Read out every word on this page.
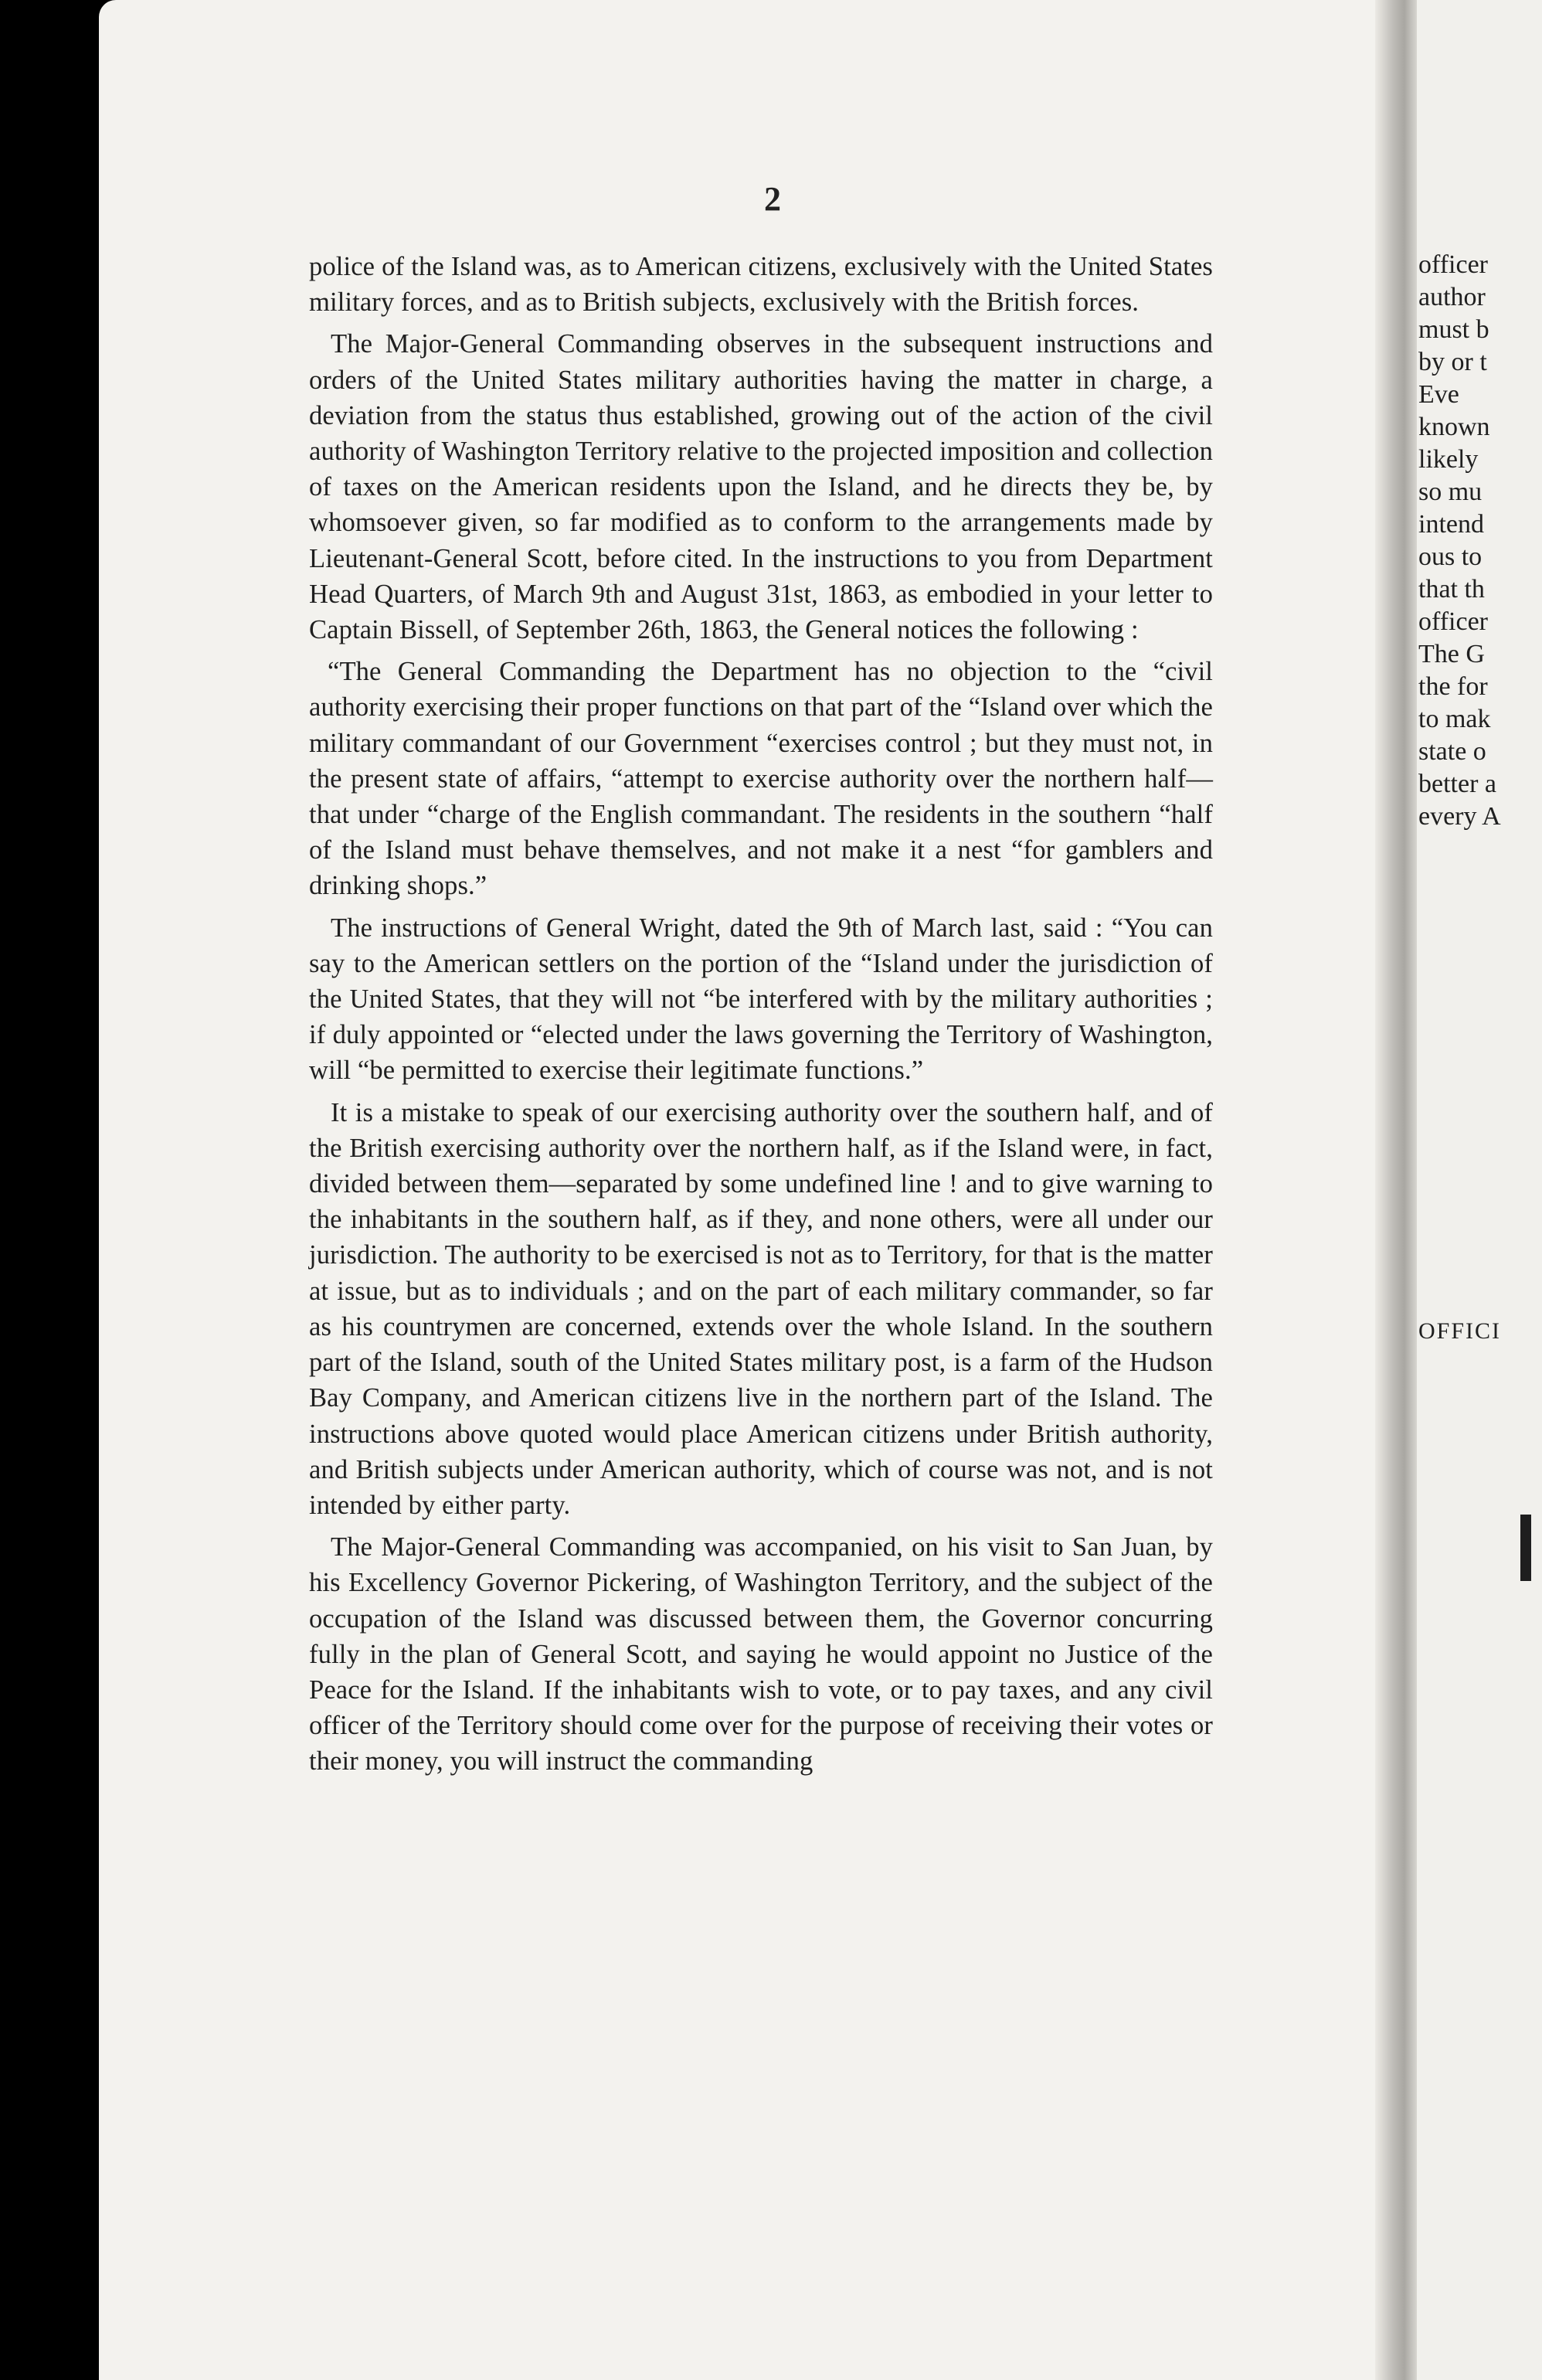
2

police of the Island was, as to American citizens, exclusively with the United States military forces, and as to British subjects, exclusively with the British forces.

The Major-General Commanding observes in the subsequent instructions and orders of the United States military authorities having the matter in charge, a deviation from the status thus established, growing out of the action of the civil authority of Washington Territory relative to the projected imposition and collection of taxes on the American residents upon the Island, and he directs they be, by whomsoever given, so far modified as to conform to the arrangements made by Lieutenant-General Scott, before cited. In the instructions to you from Department Head Quarters, of March 9th and August 31st, 1863, as embodied in your letter to Captain Bissell, of September 26th, 1863, the General notices the following :

“The General Commanding the Department has no objection to the “civil authority exercising their proper functions on that part of the “Island over which the military commandant of our Government “exercises control ; but they must not, in the present state of affairs, “attempt to exercise authority over the northern half—that under “charge of the English commandant. The residents in the southern “half of the Island must behave themselves, and not make it a nest “for gamblers and drinking shops.”

The instructions of General Wright, dated the 9th of March last, said : “You can say to the American settlers on the portion of the “Island under the jurisdiction of the United States, that they will not “be interfered with by the military authorities ; if duly appointed or “elected under the laws governing the Territory of Washington, will “be permitted to exercise their legitimate functions.”

It is a mistake to speak of our exercising authority over the southern half, and of the British exercising authority over the northern half, as if the Island were, in fact, divided between them—separated by some undefined line ! and to give warning to the inhabitants in the southern half, as if they, and none others, were all under our jurisdiction. The authority to be exercised is not as to Territory, for that is the matter at issue, but as to individuals ; and on the part of each military commander, so far as his countrymen are concerned, extends over the whole Island. In the southern part of the Island, south of the United States military post, is a farm of the Hudson Bay Company, and American citizens live in the northern part of the Island. The instructions above quoted would place American citizens under British authority, and British subjects under American authority, which of course was not, and is not intended by either party.

The Major-General Commanding was accompanied, on his visit to San Juan, by his Excellency Governor Pickering, of Washington Territory, and the subject of the occupation of the Island was discussed between them, the Governor concurring fully in the plan of General Scott, and saying he would appoint no Justice of the Peace for the Island. If the inhabitants wish to vote, or to pay taxes, and any civil officer of the Territory should come over for the purpose of receiving their votes or their money, you will instruct the commanding

officer
author
must b
by or t
Eve
known
likely
so mu
intend
ous to
that th
officer
The G
the for
to mak
state o
better a
every A
OFFICI
